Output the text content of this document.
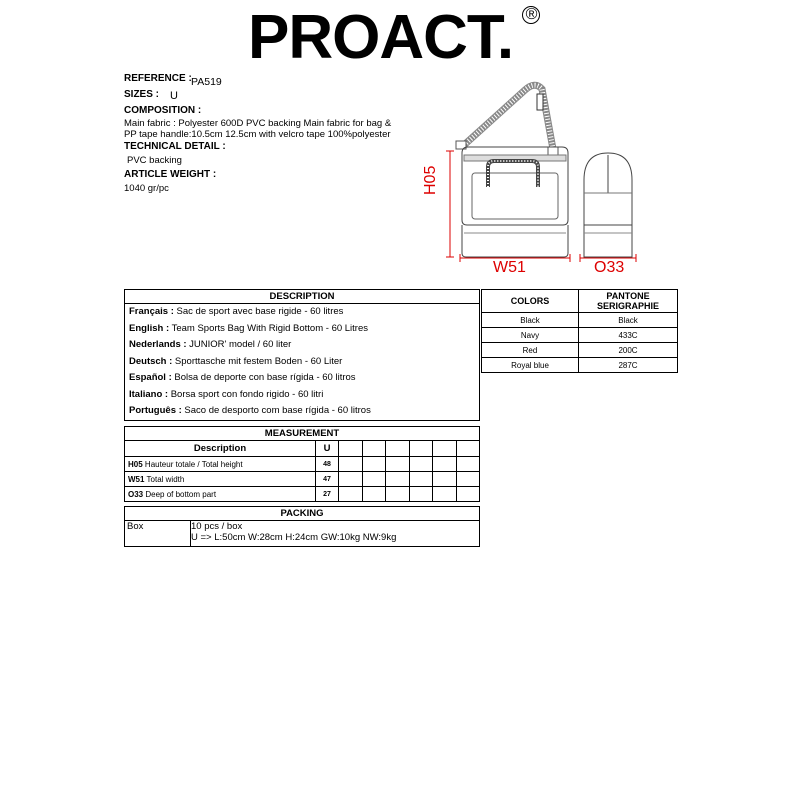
PROACT. ®
REFERENCE : PA519
SIZES : U
COMPOSITION :
Main fabric : Polyester 600D PVC backing Main fabric for bag &
PP tape handle:10.5cm 12.5cm with velcro tape 100%polyester
TECHNICAL DETAIL :
PVC backing
ARTICLE WEIGHT :
1040 gr/pc	H05
W51	O33
DESCRIPTION
Français : Sac de sport avec base rigide - 60 litres
English : Team Sports Bag With Rigid Bottom - 60 Litres
Nederlands : JUNIOR' model / 60 liter
Deutsch : Sporttasche mit festem Boden - 60 Liter
Español : Bolsa de deporte con base rígida - 60 litros
Italiano : Borsa sport con fondo rigido - 60 litri
Português : Saco de desporto com base rígida - 60 litros
COLORS	PANTONE
SERIGRAPHIE

Black	Black
Navy	433C
Red	200C
Royal blue	287C
MEASUREMENT
Description	U						
H05 Hauteur totale / Total height	48						
W51 Total width	47						
O33 Deep of bottom part	27						
PACKING
Box	10 pcs / box
U => L:50cm W:28cm H:24cm GW:10kg NW:9kg
